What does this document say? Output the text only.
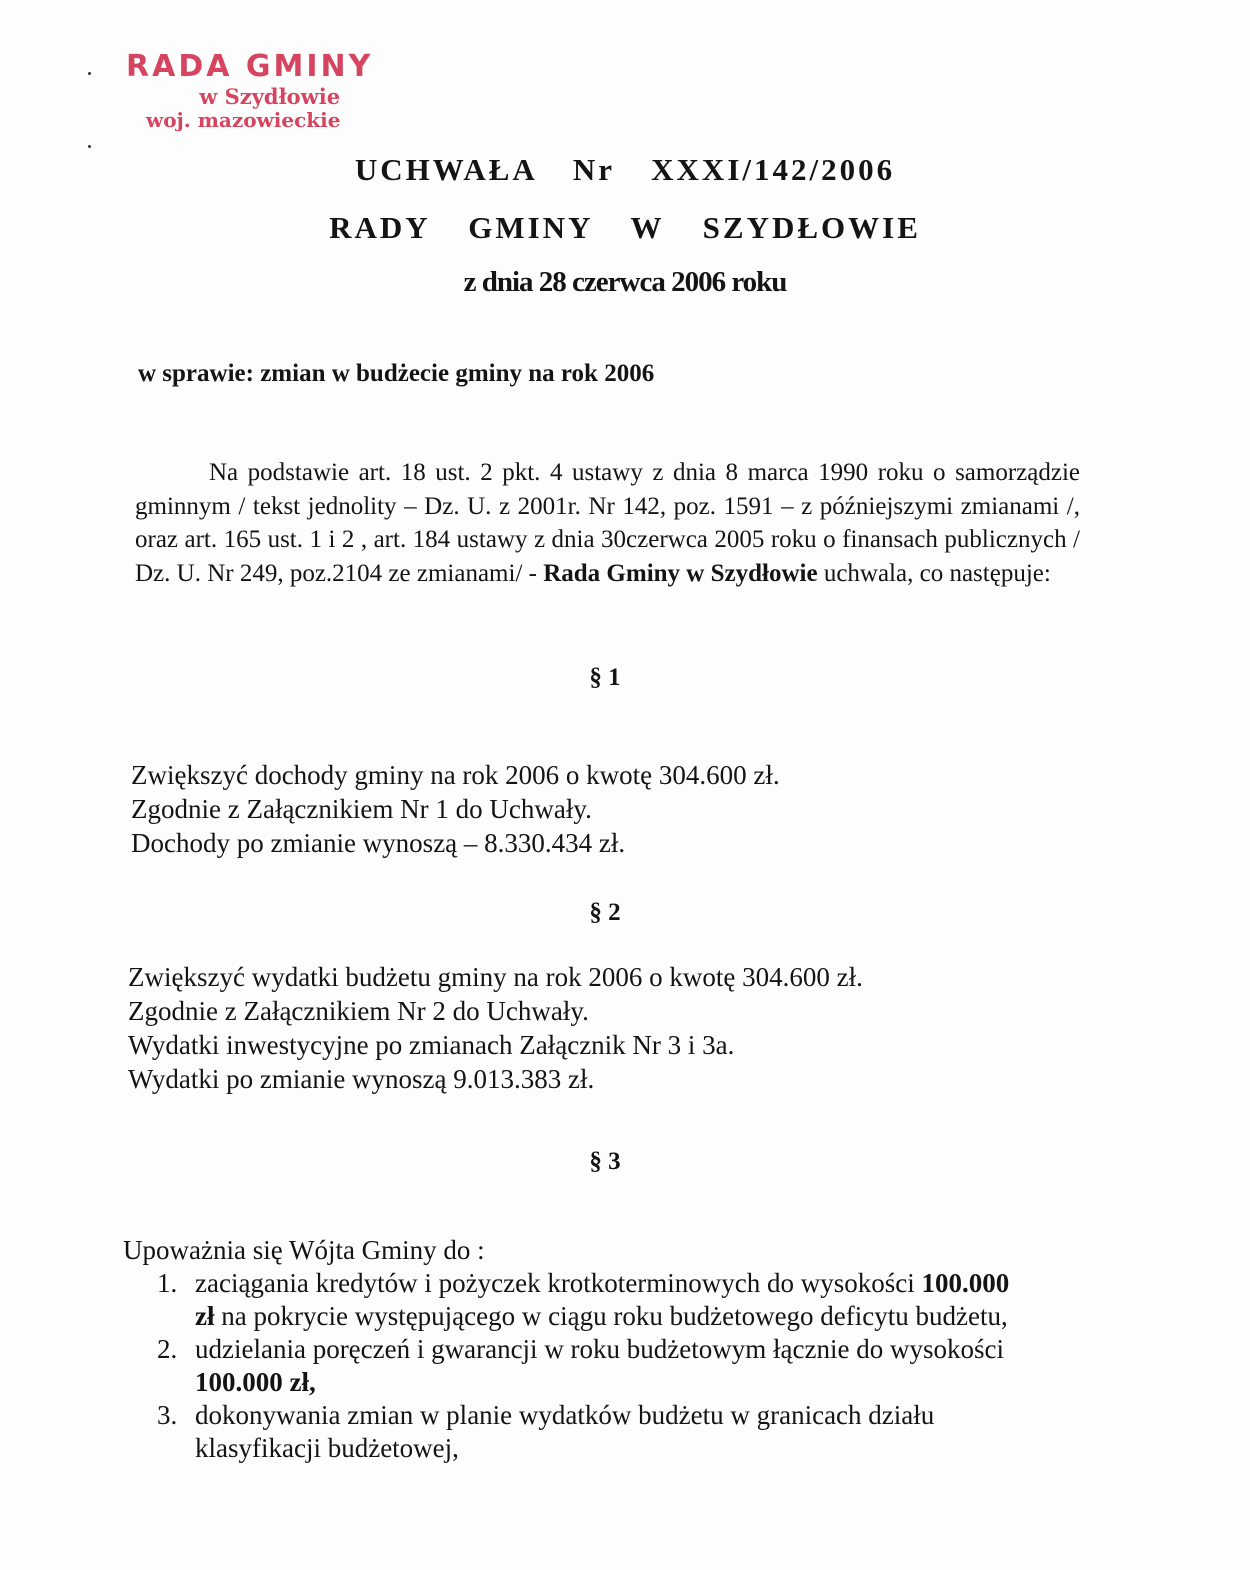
RADA GMINY
w Szydłowie
woj. mazowieckie
UCHWAŁA Nr XXXI/142/2006
RADY GMINY W SZYDŁOWIE
z dnia 28 czerwca 2006 roku
w sprawie: zmian w budżecie gminy na rok 2006
Na podstawie art. 18 ust. 2 pkt. 4 ustawy z dnia 8 marca 1990 roku o samorządzie gminnym / tekst jednolity – Dz. U. z 2001r. Nr 142, poz. 1591 – z późniejszymi zmianami /, oraz art. 165 ust. 1 i 2 , art. 184 ustawy z dnia 30czerwca 2005 roku o finansach publicznych / Dz. U. Nr 249, poz.2104 ze zmianami/ - Rada Gminy w Szydłowie uchwala, co następuje:
§ 1
Zwiększyć dochody gminy na rok 2006 o kwotę 304.600 zł.
Zgodnie z Załącznikiem Nr 1 do Uchwały.
Dochody po zmianie wynoszą – 8.330.434 zł.
§ 2
Zwiększyć wydatki budżetu gminy na rok 2006 o kwotę 304.600 zł.
Zgodnie z Załącznikiem Nr 2 do Uchwały.
Wydatki inwestycyjne po zmianach Załącznik Nr 3 i 3a.
Wydatki po zmianie wynoszą 9.013.383 zł.
§ 3
Upoważnia się Wójta Gminy do :
1. zaciągania kredytów i pożyczek krotkoterminowych do wysokości 100.000 zł na pokrycie występującego w ciągu roku budżetowego deficytu budżetu,
2. udzielania poręczeń i gwarancji w roku budżetowym łącznie do wysokości 100.000 zł,
3. dokonywania zmian w planie wydatków budżetu w granicach działu klasyfikacji budżetowej,
